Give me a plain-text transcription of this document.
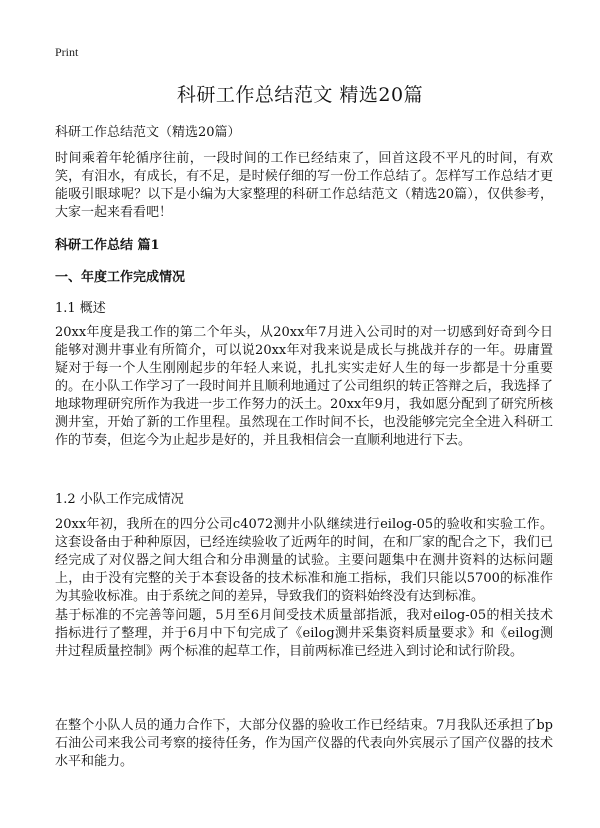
Print
科研工作总结范文 精选20篇

科研工作总结范文（精选20篇）

时间乘着年轮循序往前，一段时间的工作已经结束了，回首这段不平凡的时间，有欢笑，有泪水，有成长，有不足，是时候仔细的写一份工作总结了。怎样写工作总结才更能吸引眼球呢？以下是小编为大家整理的科研工作总结范文（精选20篇），仅供参考，大家一起来看看吧！

科研工作总结 篇1

一、年度工作完成情况

1.1 概述

20xx年度是我工作的第二个年头，从20xx年7月进入公司时的对一切感到好奇到今日能够对测井事业有所简介，可以说20xx年对我来说是成长与挑战并存的一年。毋庸置疑对于每一个人生刚刚起步的年轻人来说，扎扎实实走好人生的每一步都是十分重要的。在小队工作学习了一段时间并且顺利地通过了公司组织的转正答辩之后，我选择了地球物理研究所作为我进一步工作努力的沃土。20xx年9月，我如愿分配到了研究所核测井室，开始了新的工作里程。虽然现在工作时间不长，也没能够完完全全进入科研工作的节奏，但迄今为止起步是好的，并且我相信会一直顺利地进行下去。

1.2 小队工作完成情况

20xx年初，我所在的四分公司c4072测井小队继续进行eilog-05的验收和实验工作。这套设备由于种种原因，已经连续验收了近两年的时间，在和厂家的配合之下，我们已经完成了对仪器之间大组合和分串测量的试验。主要问题集中在测井资料的达标问题上，由于没有完整的关于本套设备的技术标准和施工指标，我们只能以5700的标准作为其验收标准。由于系统之间的差异，导致我们的资料始终没有达到标准。

基于标准的不完善等问题，5月至6月间受技术质量部指派，我对eilog-05的相关技术指标进行了整理，并于6月中下旬完成了《eilog测井采集资料质量要求》和《eilog测井过程质量控制》两个标准的起草工作，目前两标准已经进入到讨论和试行阶段。

在整个小队人员的通力合作下，大部分仪器的验收工作已经结束。7月我队还承担了bp石油公司来我公司考察的接待任务，作为国产仪器的代表向外宾展示了国产仪器的技术水平和能力。
